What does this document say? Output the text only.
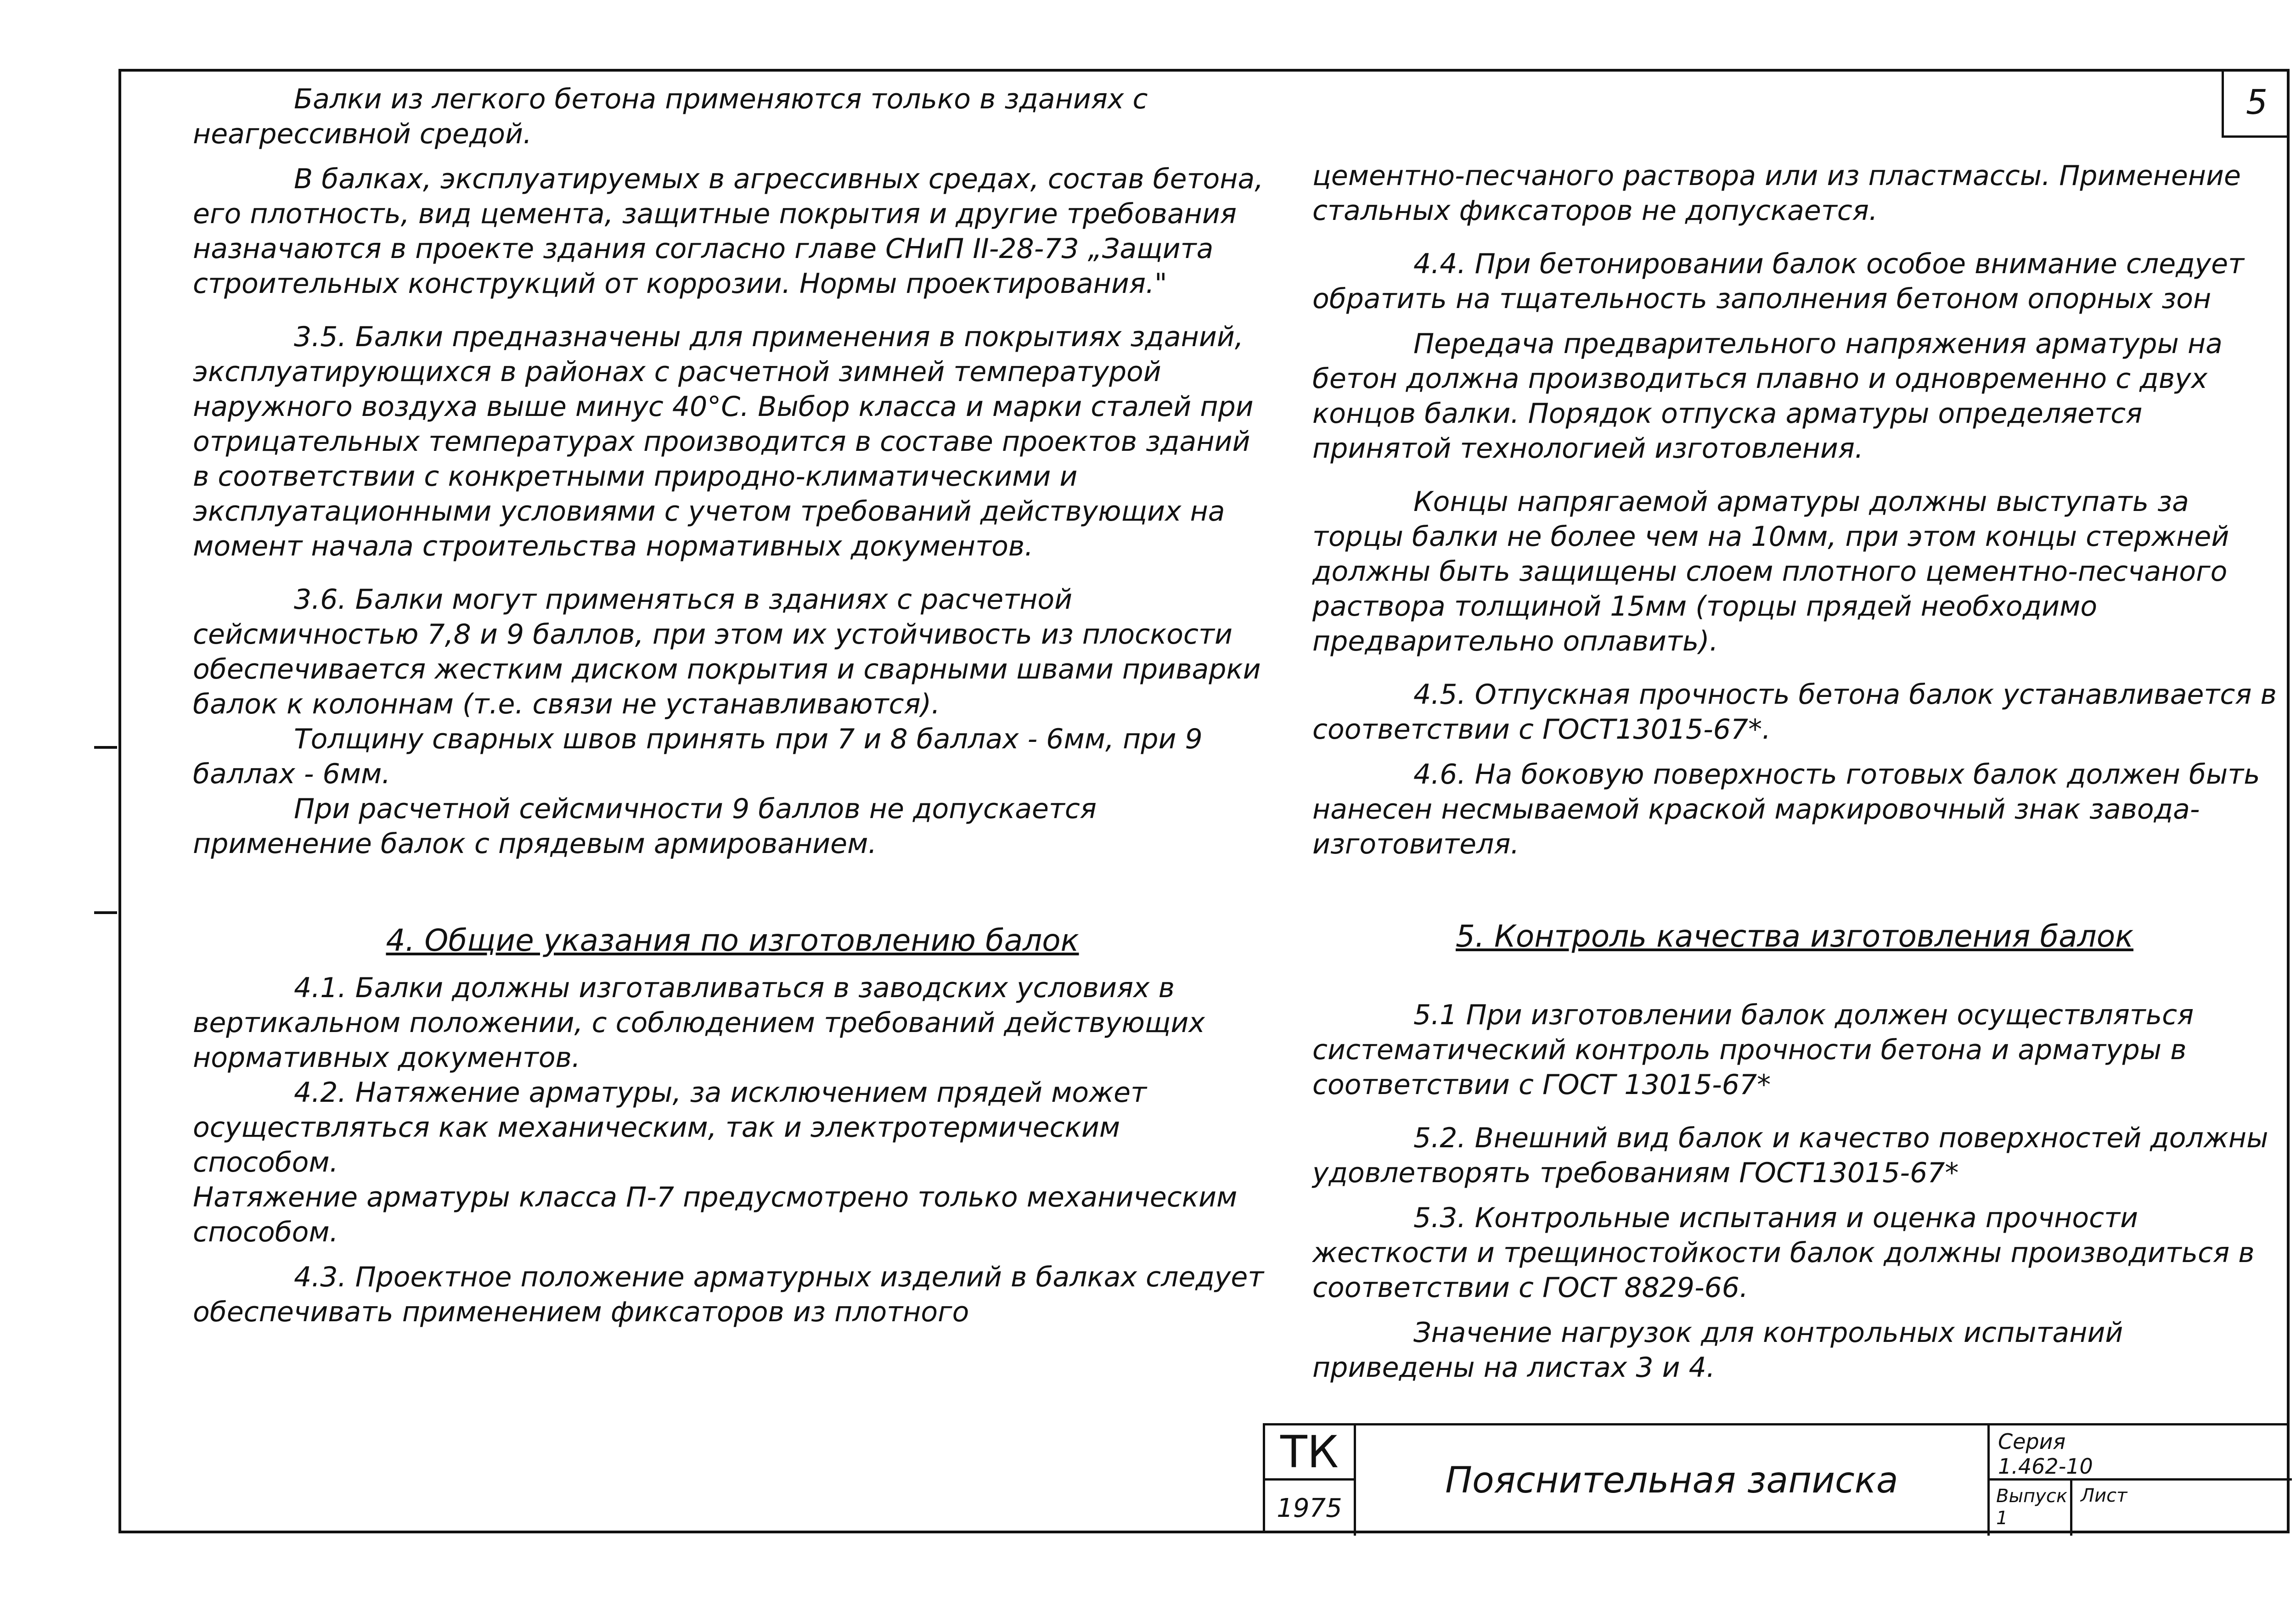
5

Балки из легкого бетона применяются только в зданиях с неагрессивной средой.

В балках, эксплуатируемых в агрессивных средах, состав бетона, его плотность, вид цемента, защитные покрытия и другие требования назначаются в проекте здания согласно главе СНиП II-28-73 „Защита строительных конструкций от коррозии. Нормы проектирования."

3.5. Балки предназначены для применения в покрытиях зданий, эксплуатирующихся в районах с расчетной зимней температурой наружного воздуха выше минус 40°С. Выбор класса и марки сталей при отрицательных температурах производится в составе проектов зданий в соответствии с конкретными природно-климатическими и эксплуатационными условиями с учетом требований действующих на момент начала строительства нормативных документов.

3.6. Балки могут применяться в зданиях с расчетной сейсмичностью 7,8 и 9 баллов, при этом их устойчивость из плоскости обеспечивается жестким диском покрытия и сварными швами приварки балок к колоннам (т.е. связи не устанавливаются).

Толщину сварных швов принять при 7 и 8 баллах - 6мм, при 9 баллах - 6мм.

При расчетной сейсмичности 9 баллов не допускается применение балок с прядевым армированием.

4. Общие указания по изготовлению балок

4.1. Балки должны изготавливаться в заводских условиях в вертикальном положении, с соблюдением требований действующих нормативных документов.

4.2. Натяжение арматуры, за исключением прядей может осуществляться как механическим, так и электротермическим способом.

Натяжение арматуры класса П-7 предусмотрено только механическим способом.

4.3. Проектное положение арматурных изделий в балках следует обеспечивать применением фиксаторов из плотного

цементно-песчаного раствора или из пластмассы. Применение стальных фиксаторов не допускается.

4.4. При бетонировании балок особое внимание следует обратить на тщательность заполнения бетоном опорных зон

Передача предварительного напряжения арматуры на бетон должна производиться плавно и одновременно с двух концов балки. Порядок отпуска арматуры определяется принятой технологией изготовления.

Концы напрягаемой арматуры должны выступать за торцы балки не более чем на 10мм, при этом концы стержней должны быть защищены слоем плотного цементно-песчаного раствора толщиной 15мм (торцы прядей необходимо предварительно оплавить).

4.5. Отпускная прочность бетона балок устанавливается в соответствии с ГОСТ13015-67*.

4.6. На боковую поверхность готовых балок должен быть нанесен несмываемой краской маркировочный знак завода-изготовителя.

5. Контроль качества изготовления балок

5.1 При изготовлении балок должен осуществляться систематический контроль прочности бетона и арматуры в соответствии с ГОСТ 13015-67*

5.2. Внешний вид балок и качество поверхностей должны удовлетворять требованиям ГОСТ13015-67*

5.3. Контрольные испытания и оценка прочности жесткости и трещиностойкости балок должны производиться в соответствии с ГОСТ 8829-66.

Значение нагрузок для контрольных испытаний приведены на листах 3 и 4.

ТК
1975
Пояснительная записка
Серия
1.462-10
Выпуск
1
Лист
